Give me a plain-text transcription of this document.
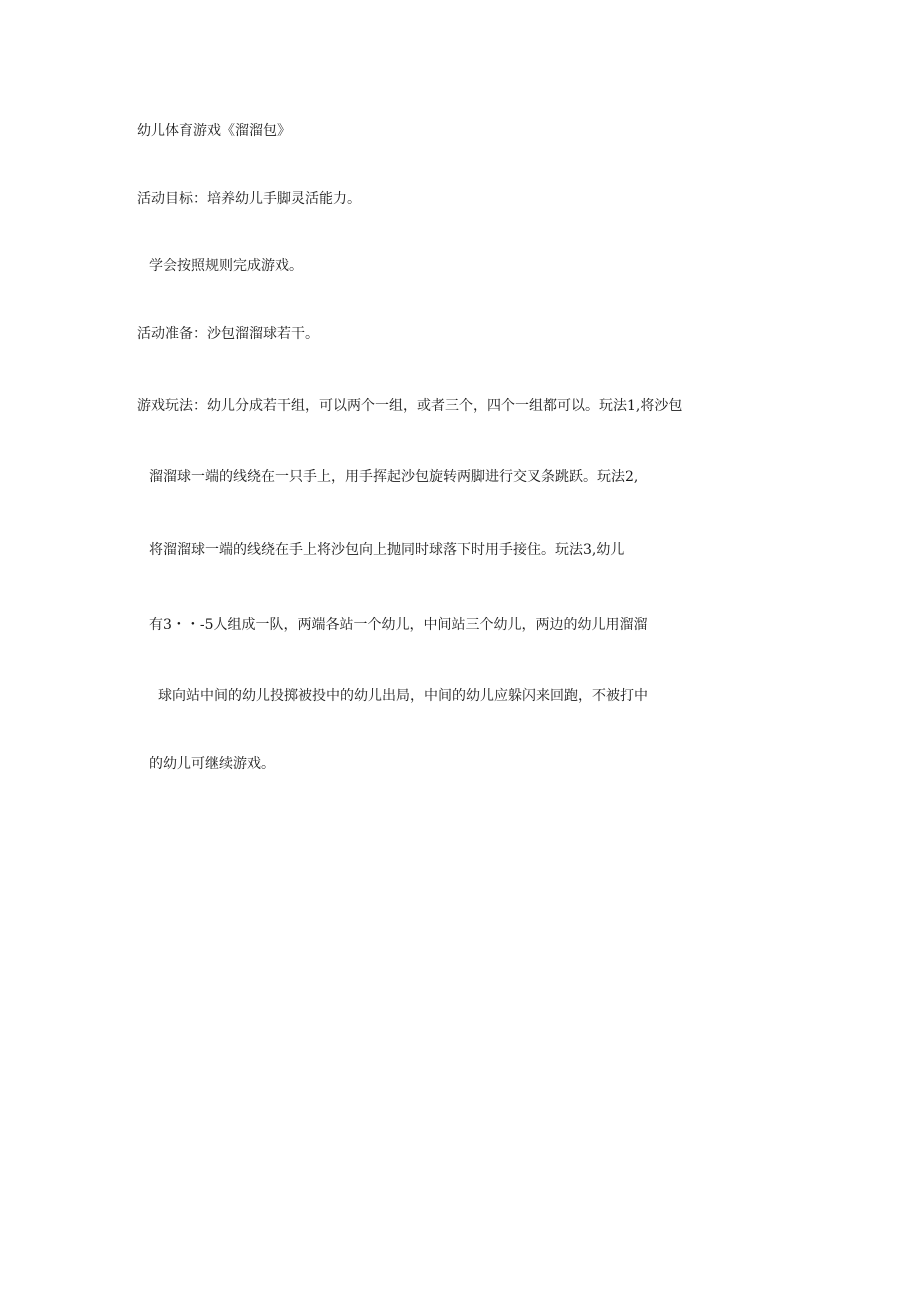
幼儿体育游戏《溜溜包》

活动目标：培养幼儿手脚灵活能力。

学会按照规则完成游戏。

活动准备：沙包溜溜球若干。

游戏玩法：幼儿分成若干组，可以两个一组，或者三个，四个一组都可以。玩法1,将沙包

溜溜球一端的线绕在一只手上，用手挥起沙包旋转两脚进行交叉条跳跃。玩法2,

将溜溜球一端的线绕在手上将沙包向上抛同时球落下时用手接住。玩法3,幼儿

有3・・-5人组成一队，两端各站一个幼儿，中间站三个幼儿，两边的幼儿用溜溜

球向站中间的幼儿投掷被投中的幼儿出局，中间的幼儿应躲闪来回跑，不被打中

的幼儿可继续游戏。
